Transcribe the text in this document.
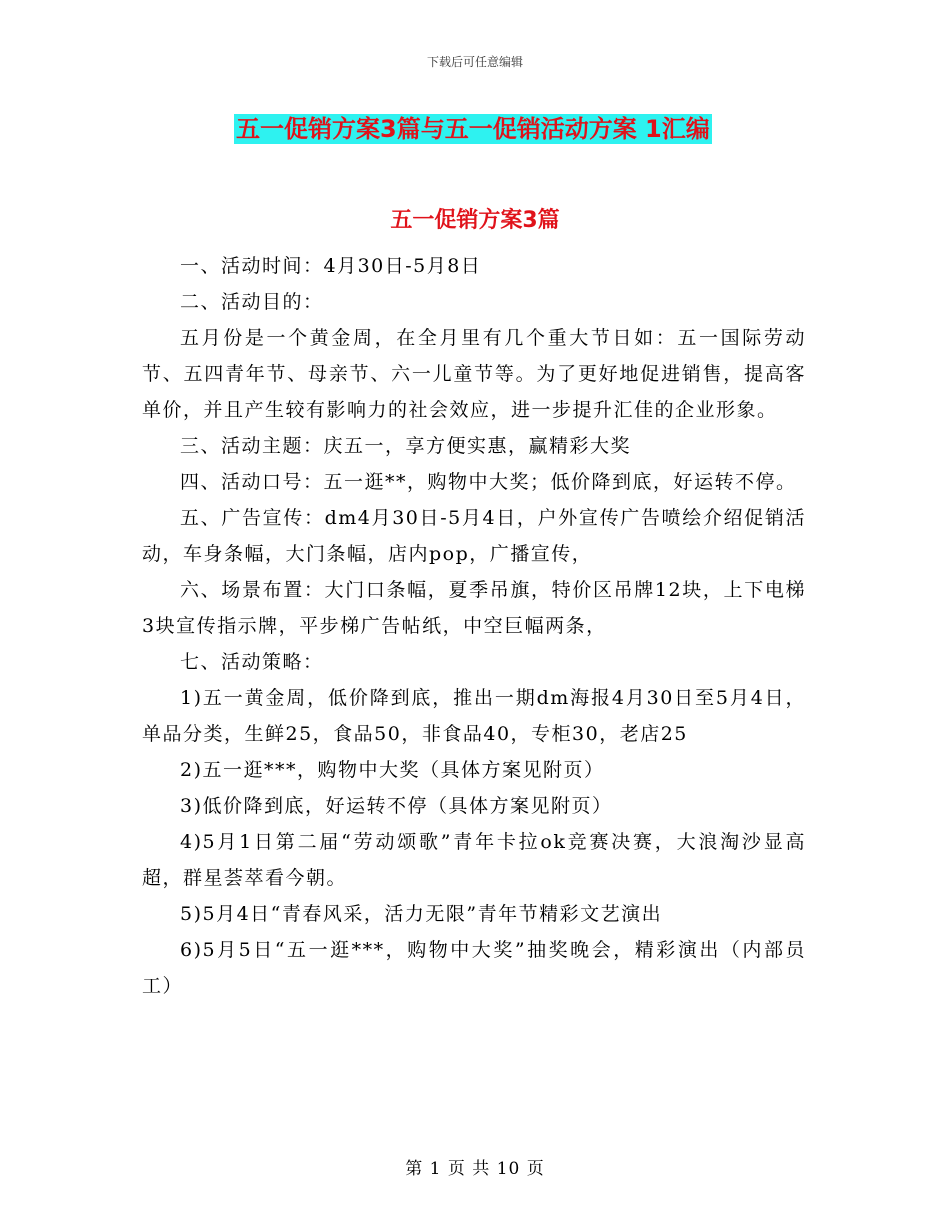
下载后可任意编辑
五一促销方案3篇与五一促销活动方案 1汇编
五一促销方案3篇

一、活动时间：4月30日-5月8日

二、活动目的：

五月份是一个黄金周，在全月里有几个重大节日如：五一国际劳动节、五四青年节、母亲节、六一儿童节等。为了更好地促进销售，提高客单价，并且产生较有影响力的社会效应，进一步提升汇佳的企业形象。

三、活动主题：庆五一，享方便实惠，赢精彩大奖

四、活动口号：五一逛**，购物中大奖；低价降到底，好运转不停。

五、广告宣传：dm4月30日-5月4日，户外宣传广告喷绘介绍促销活动，车身条幅，大门条幅，店内pop，广播宣传，

六、场景布置：大门口条幅，夏季吊旗，特价区吊牌12块，上下电梯3块宣传指示牌，平步梯广告帖纸，中空巨幅两条，

七、活动策略：

1)五一黄金周，低价降到底，推出一期dm海报4月30日至5月4日，单品分类，生鲜25，食品50，非食品40，专柜30，老店25

2)五一逛***，购物中大奖（具体方案见附页）

3)低价降到底，好运转不停（具体方案见附页）

4)5月1日第二届“劳动颂歌”青年卡拉ok竞赛决赛，大浪淘沙显高超，群星荟萃看今朝。

5)5月4日“青春风采，活力无限”青年节精彩文艺演出

6)5月5日“五一逛***，购物中大奖”抽奖晚会，精彩演出（内部员工）

第 1 页 共 10 页
